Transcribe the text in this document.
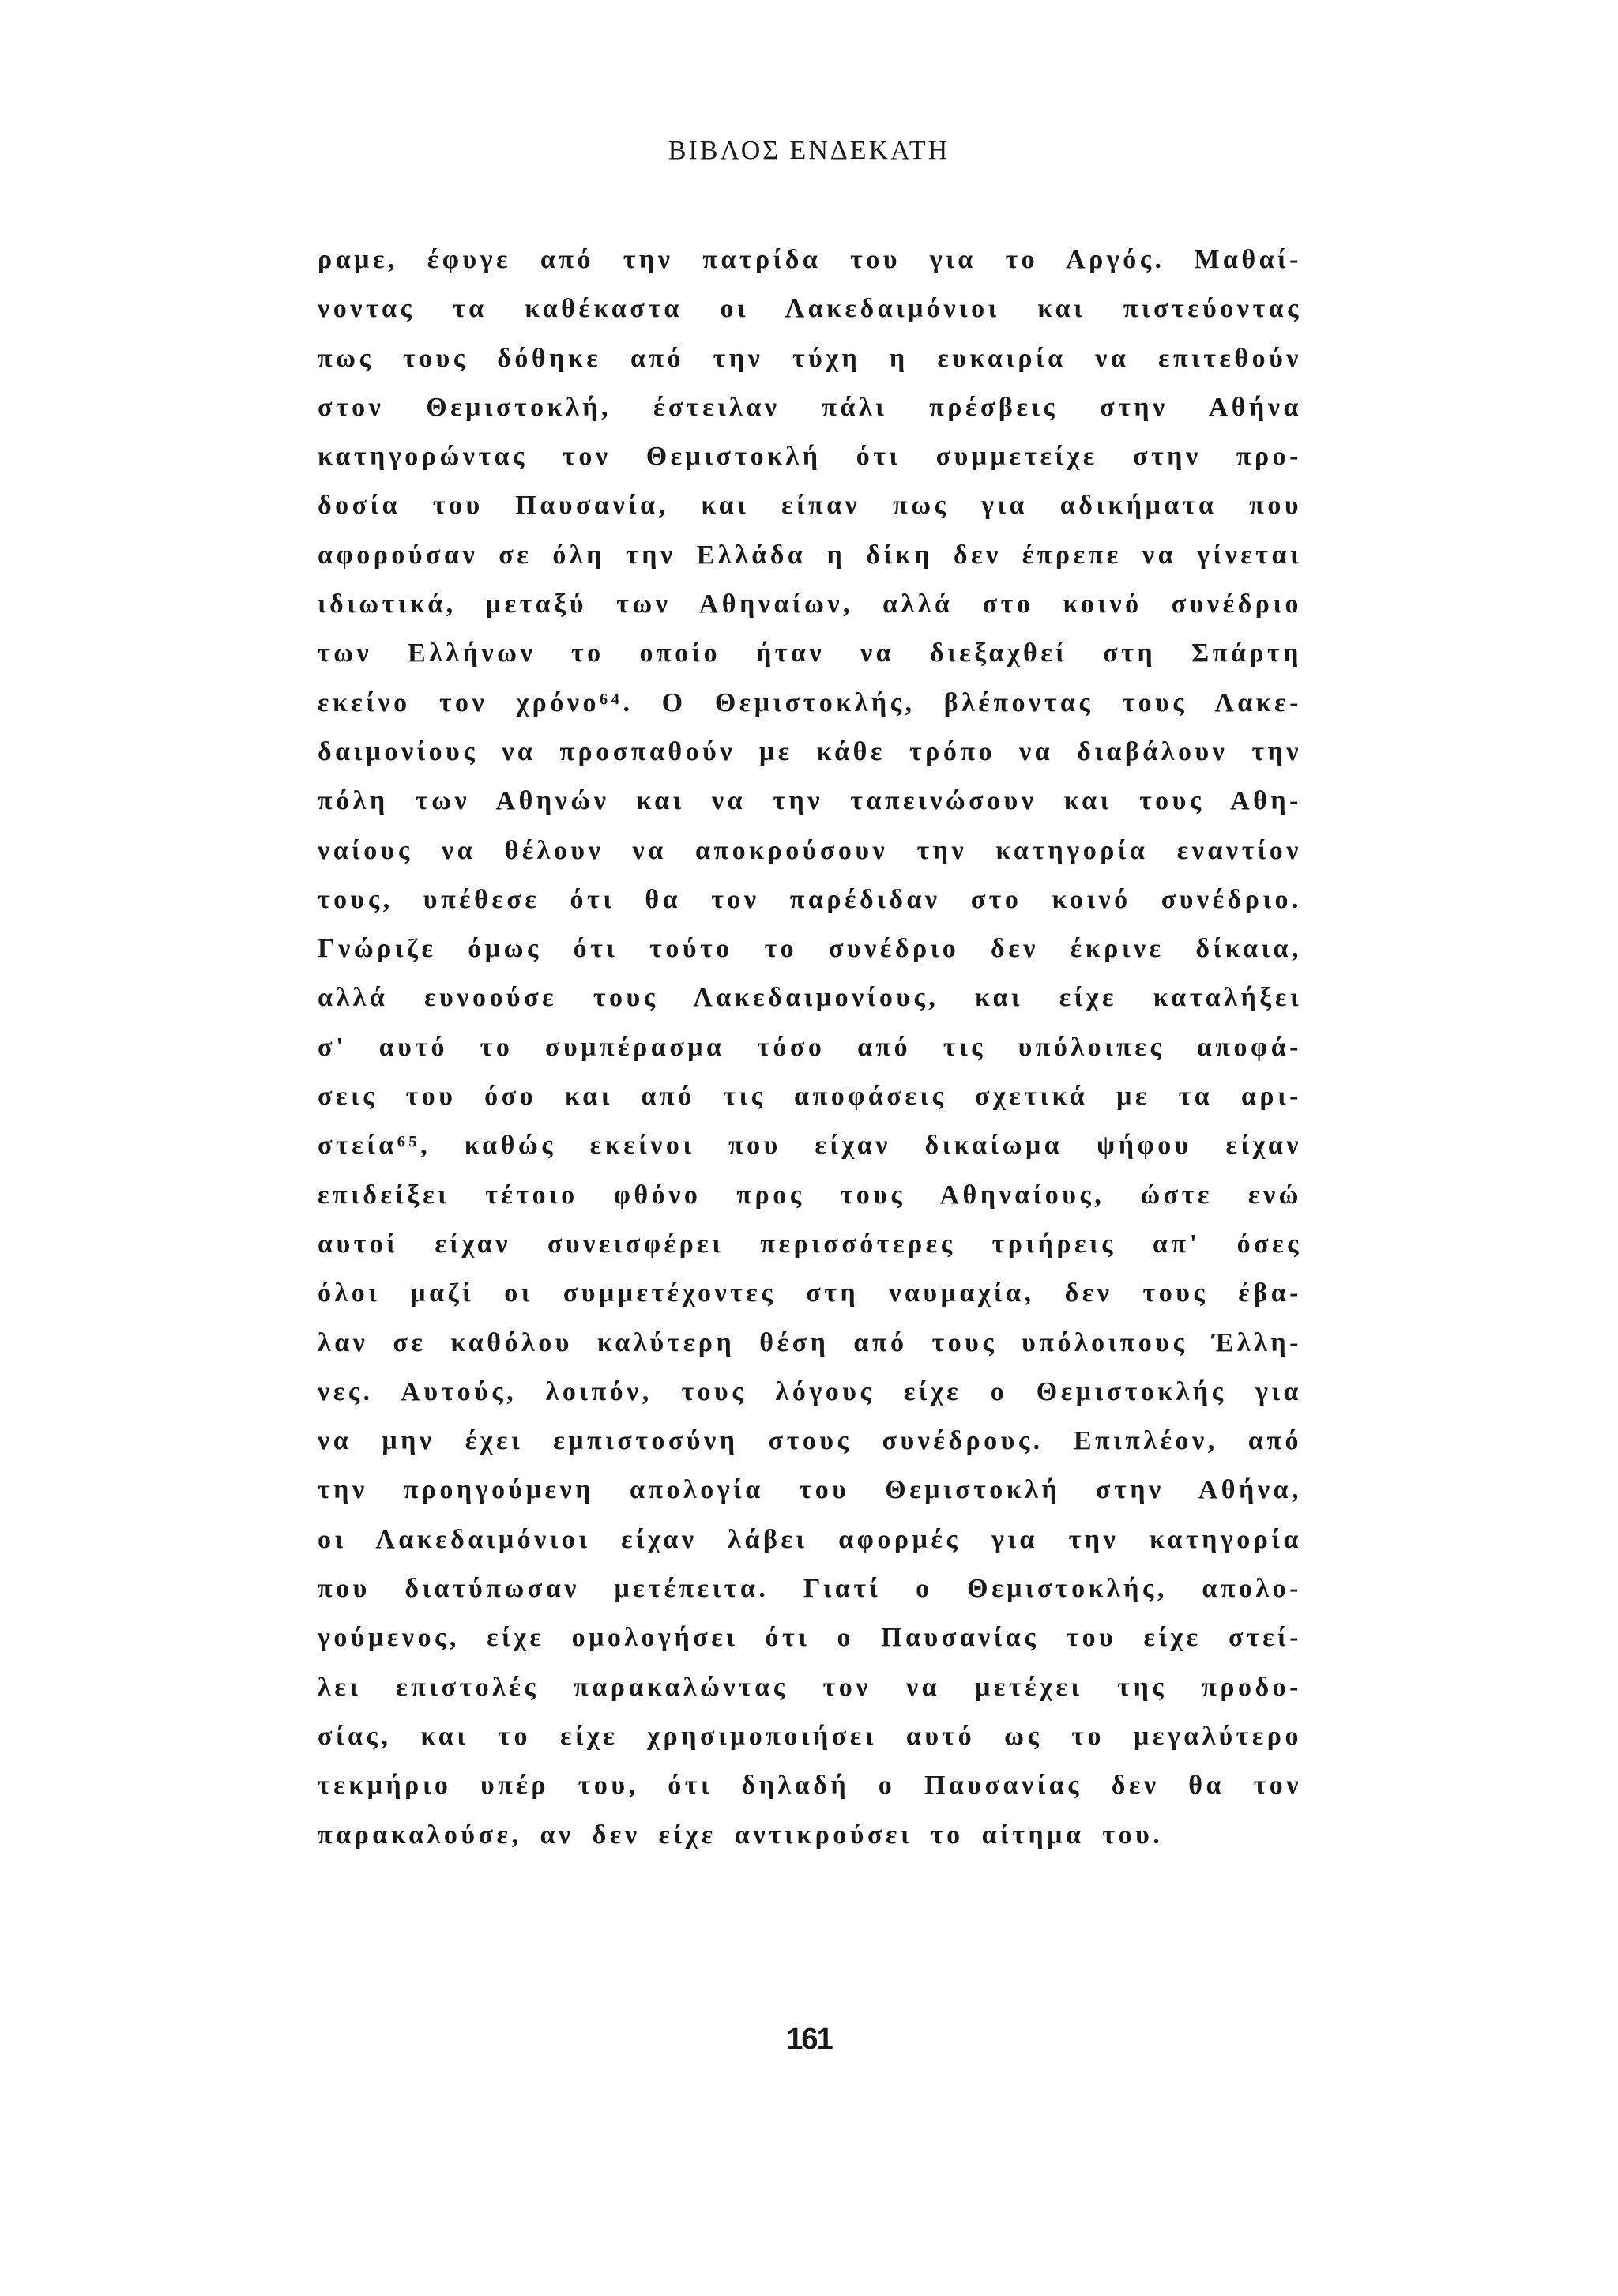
ΒΙΒΛΟΣ ΕΝΔΕΚΑΤΗ
ραμε, έφυγε από την πατρίδα του για το Αργός. Μαθαί-
νοντας τα καθέκαστα οι Λακεδαιμόνιοι και πιστεύοντας
πως τους δόθηκε από την τύχη η ευκαιρία να επιτεθούν
στον Θεμιστοκλή, έστειλαν πάλι πρέσβεις στην Αθήνα
κατηγορώντας τον Θεμιστοκλή ότι συμμετείχε στην προ-
δοσία του Παυσανία, και είπαν πως για αδικήματα που
αφορούσαν σε όλη την Ελλάδα η δίκη δεν έπρεπε να γίνεται
ιδιωτικά, μεταξύ των Αθηναίων, αλλά στο κοινό συνέδριο
των Ελλήνων το οποίο ήταν να διεξαχθεί στη Σπάρτη
εκείνο τον χρόνο⁶⁴. Ο Θεμιστοκλής, βλέποντας τους Λακε-
δαιμονίους να προσπαθούν με κάθε τρόπο να διαβάλουν την
πόλη των Αθηνών και να την ταπεινώσουν και τους Αθη-
ναίους να θέλουν να αποκρούσουν την κατηγορία εναντίον
τους, υπέθεσε ότι θα τον παρέδιδαν στο κοινό συνέδριο.
Γνώριζε όμως ότι τούτο το συνέδριο δεν έκρινε δίκαια,
αλλά ευνοούσε τους Λακεδαιμονίους, και είχε καταλήξει
σ' αυτό το συμπέρασμα τόσο από τις υπόλοιπες αποφά-
σεις του όσο και από τις αποφάσεις σχετικά με τα αρι-
στεία⁶⁵, καθώς εκείνοι που είχαν δικαίωμα ψήφου είχαν
επιδείξει τέτοιο φθόνο προς τους Αθηναίους, ώστε ενώ
αυτοί είχαν συνεισφέρει περισσότερες τριήρεις απ' όσες
όλοι μαζί οι συμμετέχοντες στη ναυμαχία, δεν τους έβα-
λαν σε καθόλου καλύτερη θέση από τους υπόλοιπους Έλλη-
νες. Αυτούς, λοιπόν, τους λόγους είχε ο Θεμιστοκλής για
να μην έχει εμπιστοσύνη στους συνέδρους. Επιπλέον, από
την προηγούμενη απολογία του Θεμιστοκλή στην Αθήνα,
οι Λακεδαιμόνιοι είχαν λάβει αφορμές για την κατηγορία
που διατύπωσαν μετέπειτα. Γιατί ο Θεμιστοκλής, απολο-
γούμενος, είχε ομολογήσει ότι ο Παυσανίας του είχε στεί-
λει επιστολές παρακαλώντας τον να μετέχει της προδο-
σίας, και το είχε χρησιμοποιήσει αυτό ως το μεγαλύτερο
τεκμήριο υπέρ του, ότι δηλαδή ο Παυσανίας δεν θα τον
παρακαλούσε, αν δεν είχε αντικρούσει το αίτημα του.
161
